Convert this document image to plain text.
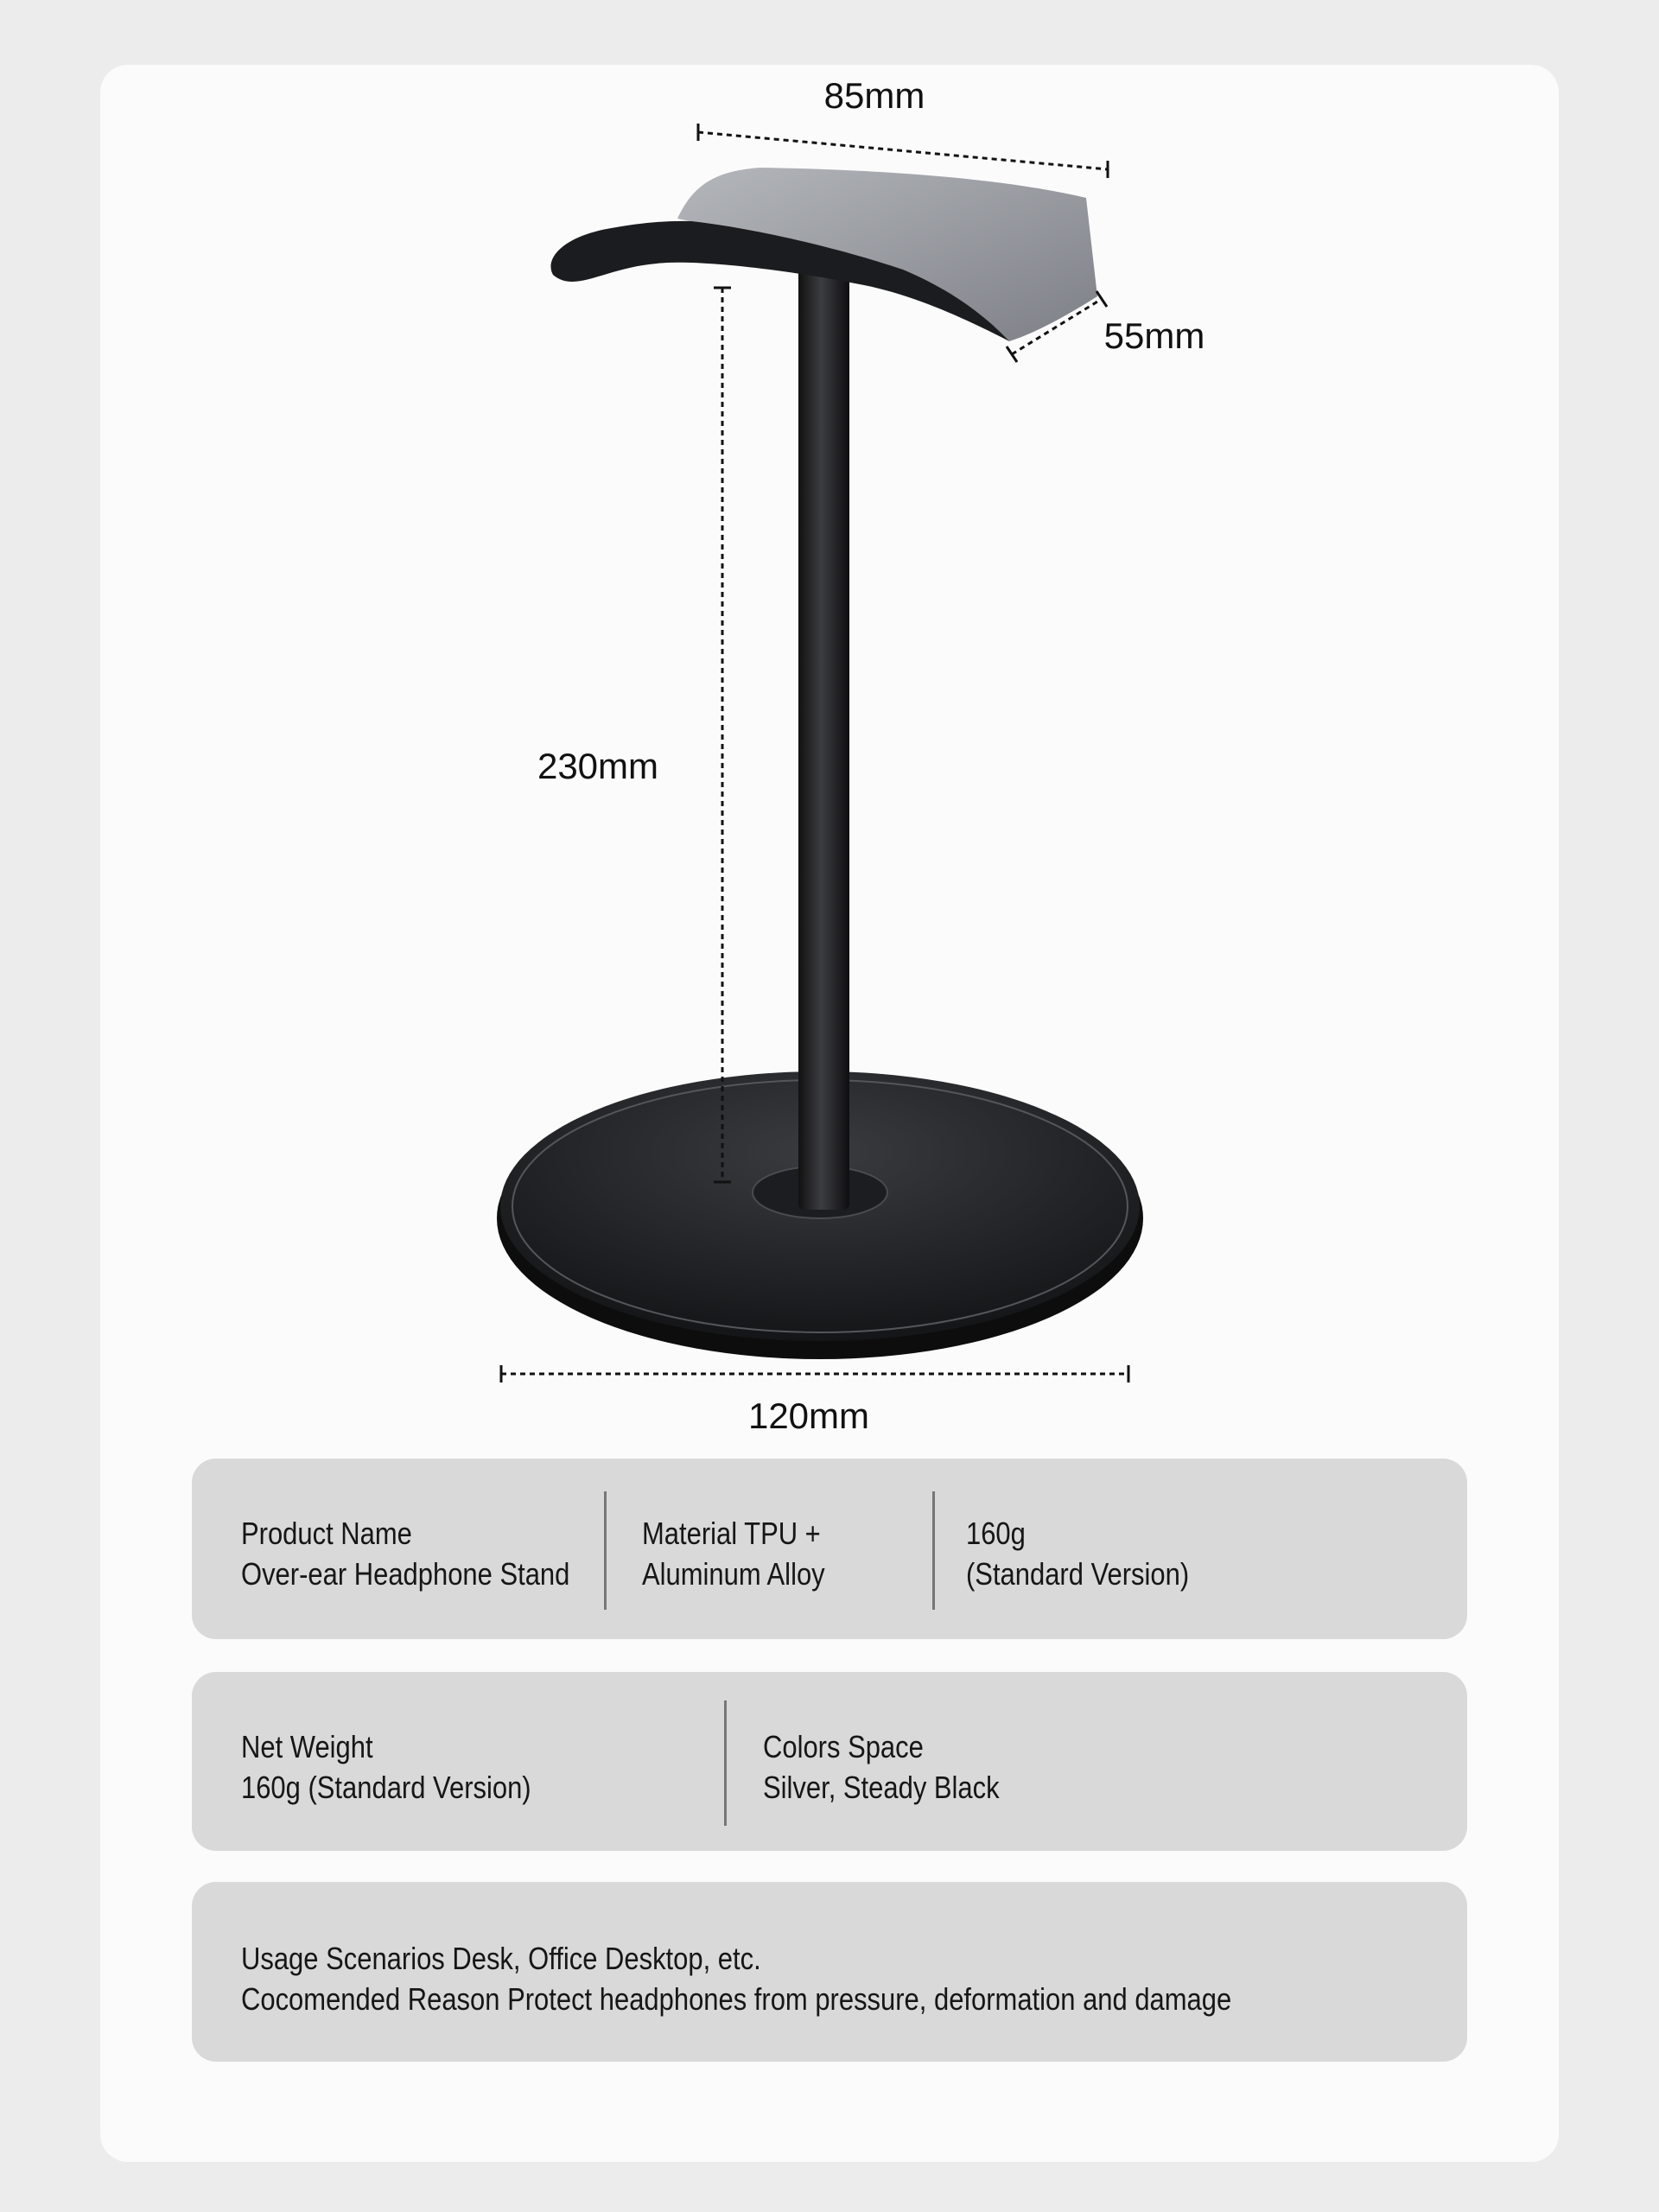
85mm
55mm
230mm
120mm
Product Name
Over-ear Headphone Stand
Material TPU +
Aluminum Alloy
160g
(Standard Version)
Net Weight
160g (Standard Version)
Colors Space
Silver, Steady Black
Usage Scenarios Desk, Office Desktop, etc.
Cocomended Reason Protect headphones from pressure, deformation and damage
